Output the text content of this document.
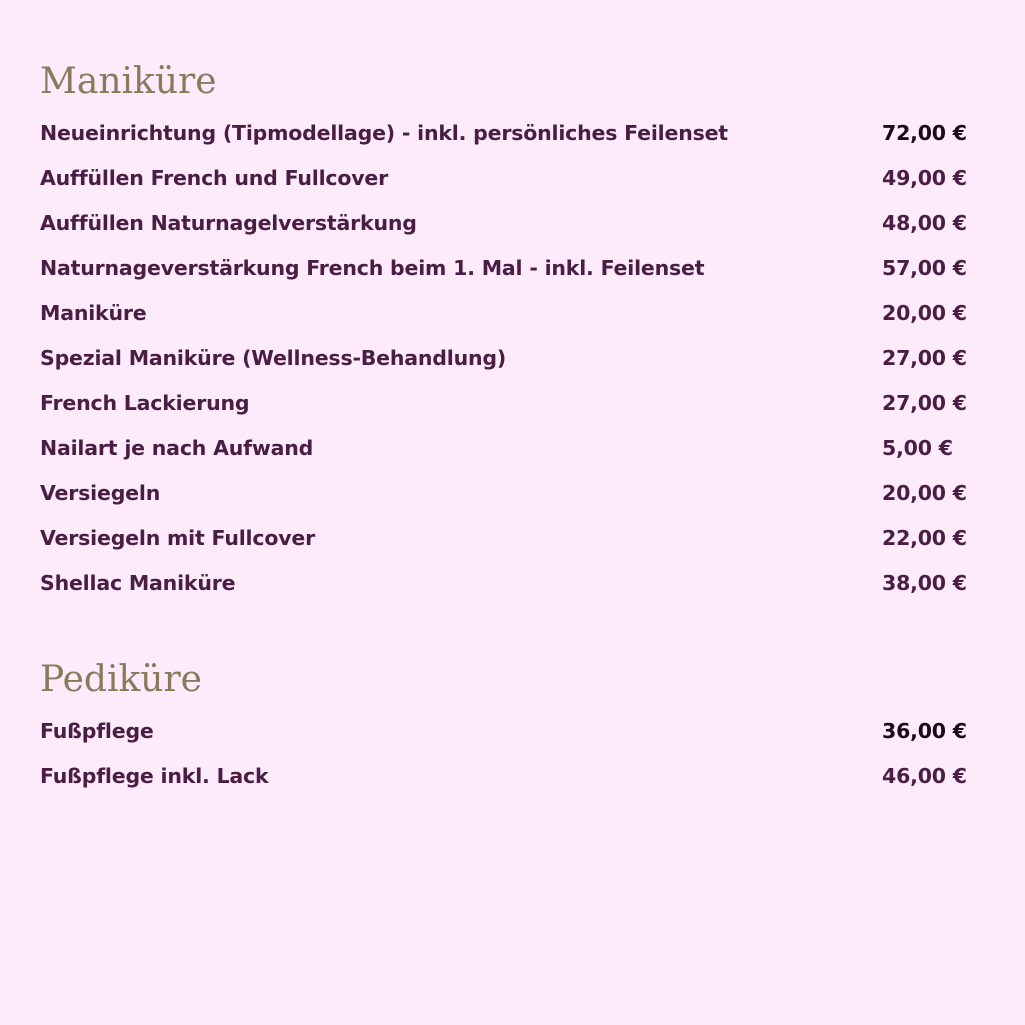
Maniküre
Neueinrichtung (Tipmodellage) - inkl. persönliches Feilenset	72,00 €
Auffüllen French und Fullcover	49,00 €
Auffüllen Naturnagelverstärkung	48,00 €
Naturnageverstärkung French beim 1. Mal - inkl. Feilenset	57,00 €
Maniküre	20,00 €
Spezial Maniküre (Wellness-Behandlung)	27,00 €
French Lackierung	27,00 €
Nailart je nach Aufwand	5,00 €
Versiegeln	20,00 €
Versiegeln mit Fullcover	22,00 €
Shellac Maniküre	38,00 €
Pediküre
Fußpflege	36,00 €
Fußpflege inkl. Lack	46,00 €
